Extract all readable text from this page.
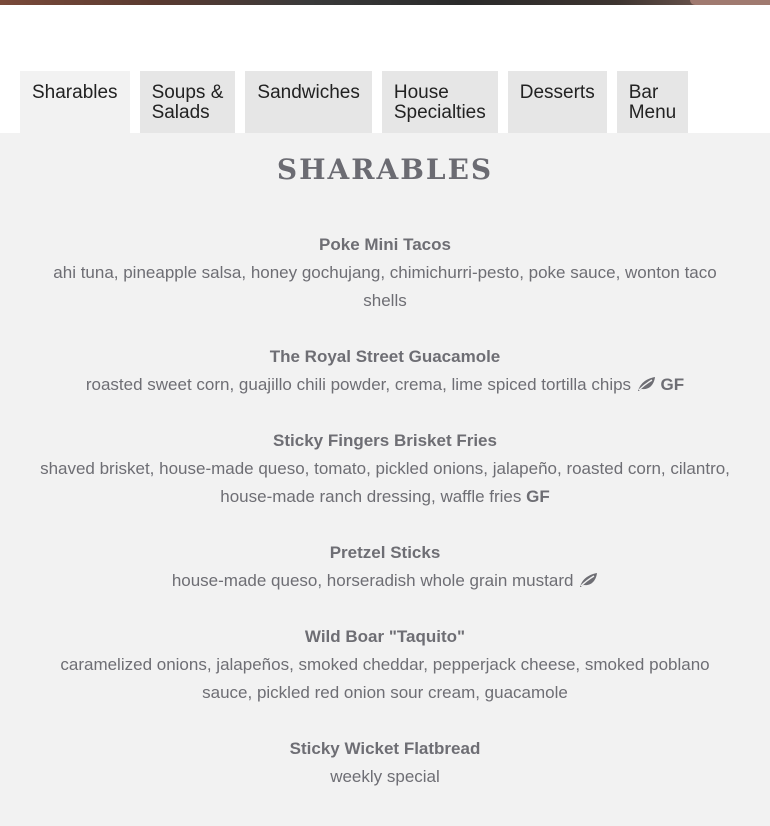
Sharables Soups &
Salads
Sandwiches House
Specialties
Desserts Bar
Menu
SHARABLES
Poke Mini Tacos
ahi tuna, pineapple salsa, honey gochujang, chimichurri-pesto, poke sauce, wonton taco shells
The Royal Street Guacamole
roasted sweet corn, guajillo chili powder, crema, lime spiced tortilla chips GF
Sticky Fingers Brisket Fries
shaved brisket, house-made queso, tomato, pickled onions, jalapeño, roasted corn, cilantro, house-made ranch dressing, waffle fries GF
Pretzel Sticks
house-made queso, horseradish whole grain mustard
Wild Boar "Taquito"
caramelized onions, jalapeños, smoked cheddar, pepperjack cheese, smoked poblano sauce, pickled red onion sour cream, guacamole
Sticky Wicket Flatbread
weekly special
